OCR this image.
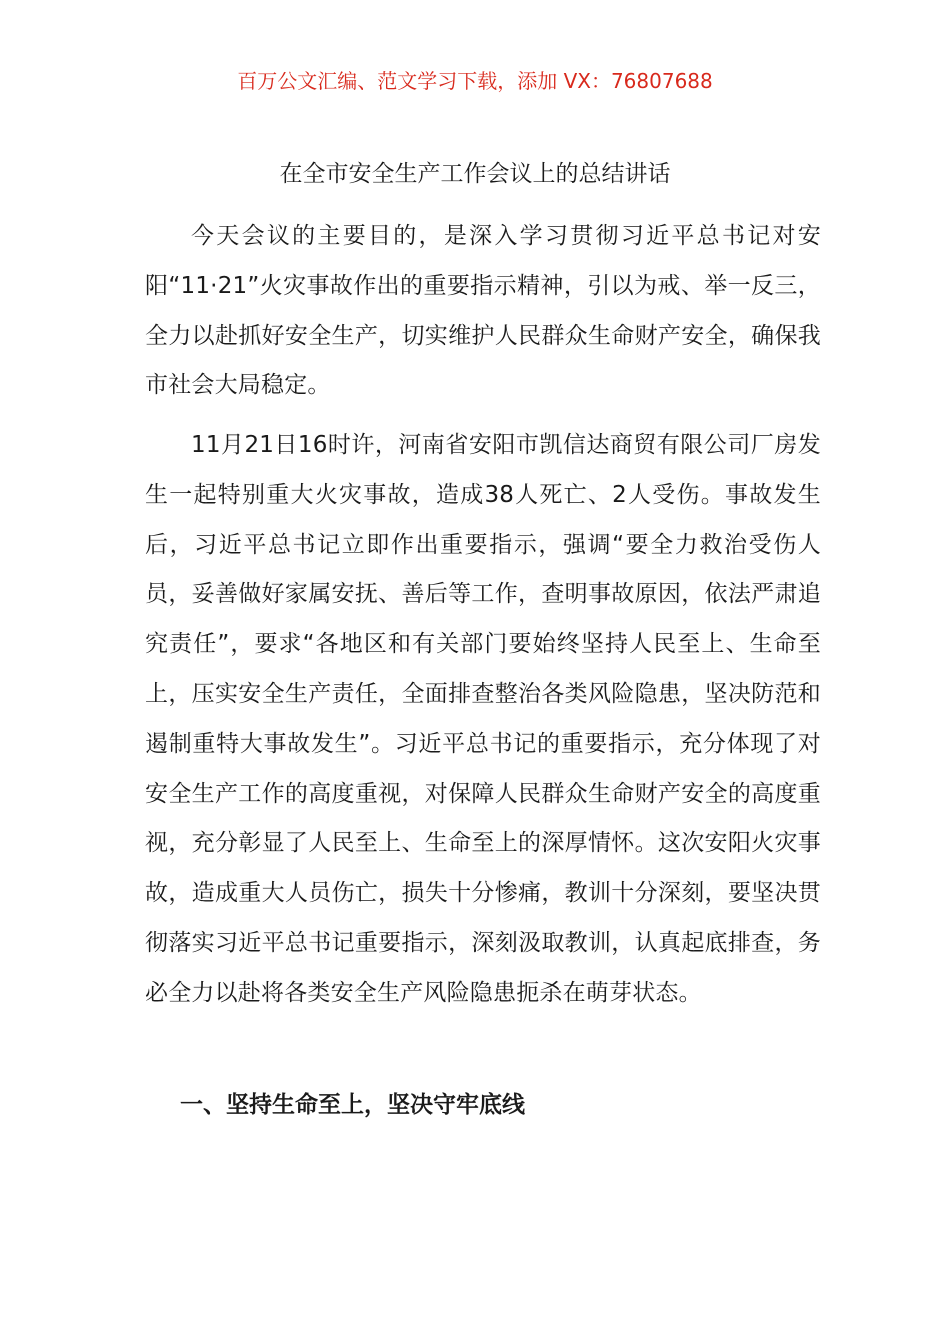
百万公文汇编、范文学习下载，添加 VX：76807688
在全市安全生产工作会议上的总结讲话

今天会议的主要目的，是深入学习贯彻习近平总书记对安阳“11·21”火灾事故作出的重要指示精神，引以为戒、举一反三，全力以赴抓好安全生产，切实维护人民群众生命财产安全，确保我市社会大局稳定。

11月21日16时许，河南省安阳市凯信达商贸有限公司厂房发生一起特别重大火灾事故，造成38人死亡、2人受伤。事故发生后，习近平总书记立即作出重要指示，强调“要全力救治受伤人员，妥善做好家属安抚、善后等工作，查明事故原因，依法严肃追究责任”，要求“各地区和有关部门要始终坚持人民至上、生命至上，压实安全生产责任，全面排查整治各类风险隐患，坚决防范和遏制重特大事故发生”。习近平总书记的重要指示，充分体现了对安全生产工作的高度重视，对保障人民群众生命财产安全的高度重视，充分彰显了人民至上、生命至上的深厚情怀。这次安阳火灾事故，造成重大人员伤亡，损失十分惨痛，教训十分深刻，要坚决贯彻落实习近平总书记重要指示，深刻汲取教训，认真起底排查，务必全力以赴将各类安全生产风险隐患扼杀在萌芽状态。

一、坚持生命至上，坚决守牢底线
